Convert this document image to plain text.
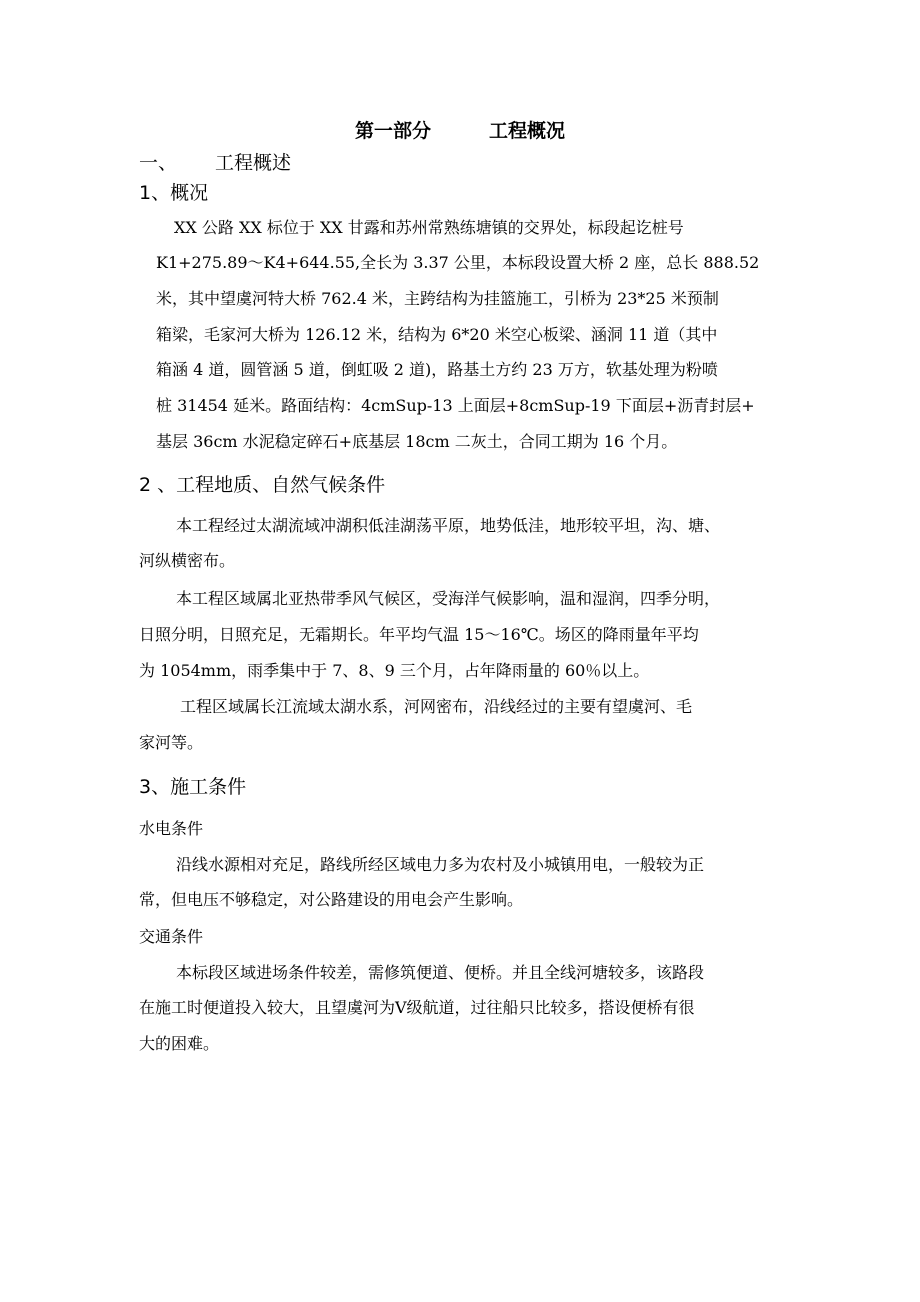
第一部分	工程概况
一、 工程概述
1、概况
XX 公路 XX 标位于 XX 甘露和苏州常熟练塘镇的交界处，标段起讫桩号
K1+275.89～K4+644.55,全长为 3.37 公里，本标段设置大桥 2 座，总长 888.52
米，其中望虞河特大桥 762.4 米，主跨结构为挂篮施工，引桥为 23*25 米预制
箱梁，毛家河大桥为 126.12 米，结构为 6*20 米空心板梁、涵洞 11 道（其中
箱涵 4 道，圆管涵 5 道，倒虹吸 2 道)，路基土方约 23 万方，软基处理为粉喷
桩 31454 延米。路面结构：4cmSup-13 上面层+8cmSup-19 下面层+沥青封层+
基层 36cm 水泥稳定碎石+底基层 18cm 二灰土，合同工期为 16 个月。
2 、工程地质、自然气候条件
本工程经过太湖流域冲湖积低洼湖荡平原，地势低洼，地形较平坦，沟、塘、
河纵横密布。
本工程区域属北亚热带季风气候区，受海洋气候影响，温和湿润，四季分明，
日照分明，日照充足，无霜期长。年平均气温 15～16℃。场区的降雨量年平均
为 1054mm，雨季集中于 7、8、9 三个月，占年降雨量的 60％以上。
工程区域属长江流域太湖水系，河网密布，沿线经过的主要有望虞河、毛
家河等。
3、施工条件
水电条件
沿线水源相对充足，路线所经区域电力多为农村及小城镇用电，一般较为正
常，但电压不够稳定，对公路建设的用电会产生影响。
交通条件
本标段区域进场条件较差，需修筑便道、便桥。并且全线河塘较多，该路段
在施工时便道投入较大，且望虞河为Ⅴ级航道，过往船只比较多，搭设便桥有很
大的困难。
